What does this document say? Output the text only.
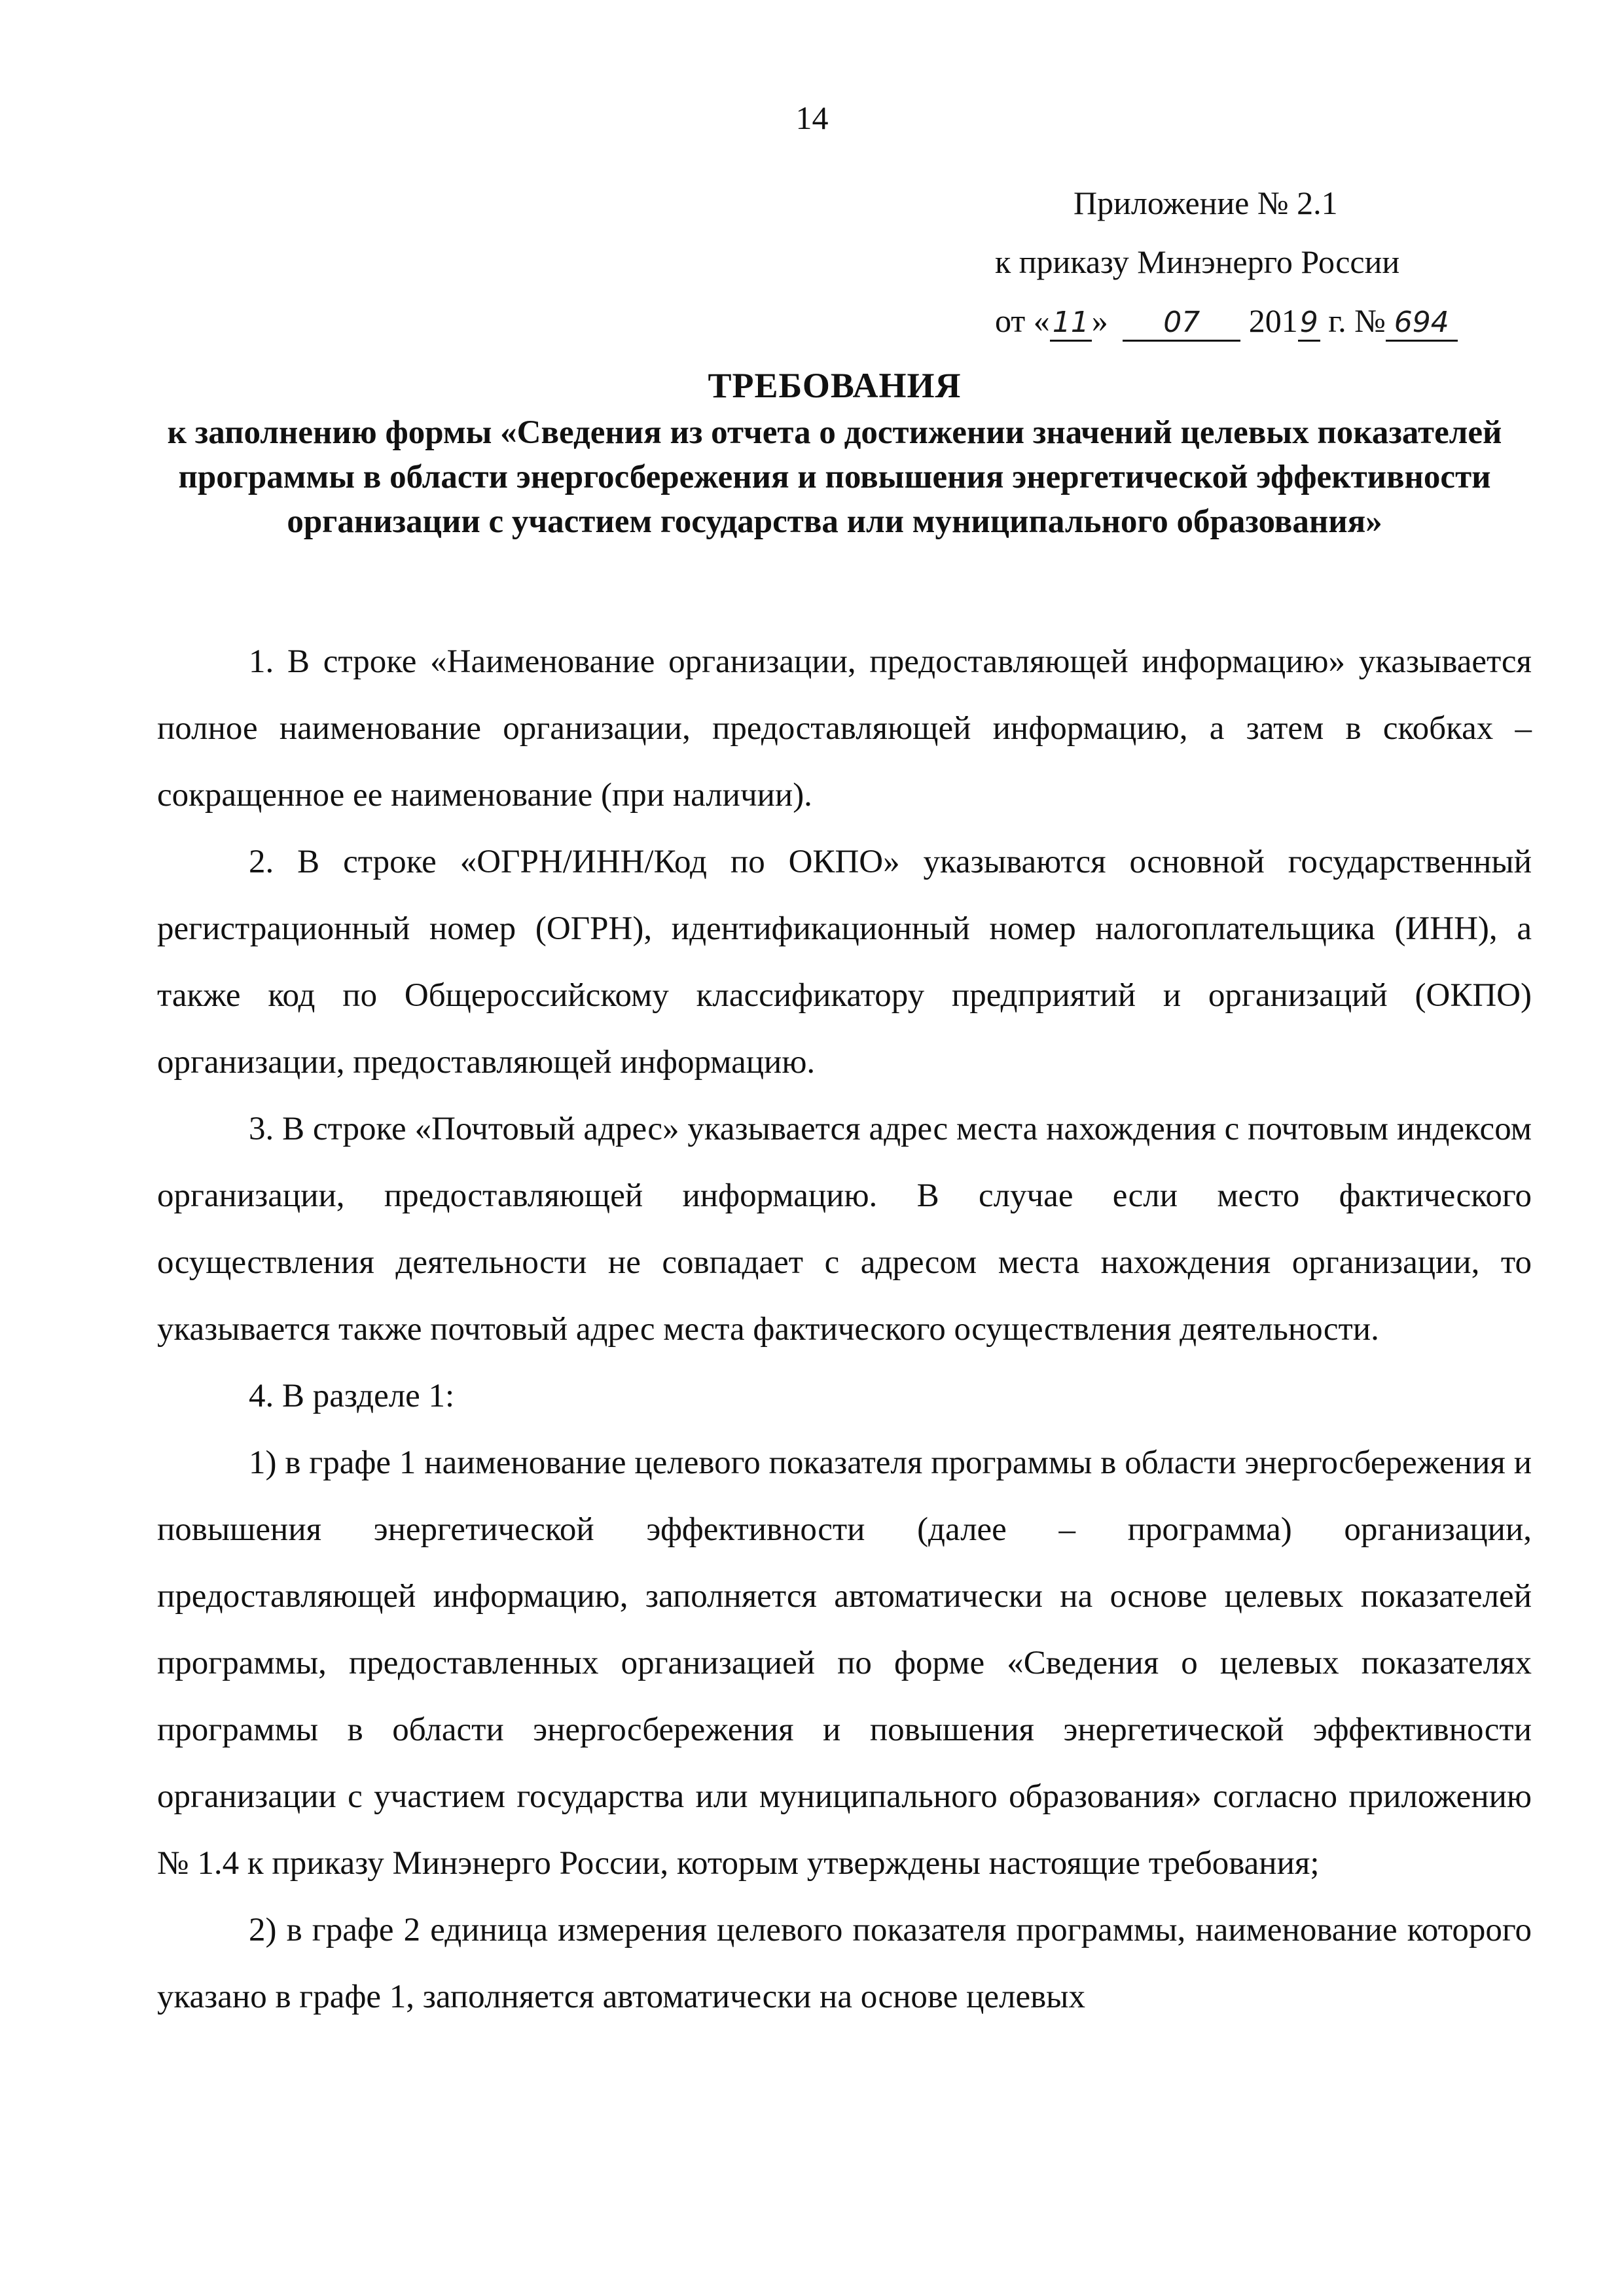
14
Приложение № 2.1
к приказу Минэнерго России
от «11» 07 2019 г. № 694
ТРЕБОВАНИЯ
к заполнению формы «Сведения из отчета о достижении значений целевых показателей программы в области энергосбережения и повышения энергетической эффективности организации с участием государства или муниципального образования»

1. В строке «Наименование организации, предоставляющей информацию» указывается полное наименование организации, предоставляющей информацию, а затем в скобках – сокращенное ее наименование (при наличии).

2. В строке «ОГРН/ИНН/Код по ОКПО» указываются основной государственный регистрационный номер (ОГРН), идентификационный номер налогоплательщика (ИНН), а также код по Общероссийскому классификатору предприятий и организаций (ОКПО) организации, предоставляющей информацию.

3. В строке «Почтовый адрес» указывается адрес места нахождения с почтовым индексом организации, предоставляющей информацию. В случае если место фактического осуществления деятельности не совпадает с адресом места нахождения организации, то указывается также почтовый адрес места фактического осуществления деятельности.

4. В разделе 1:

1) в графе 1 наименование целевого показателя программы в области энергосбережения и повышения энергетической эффективности (далее – программа) организации, предоставляющей информацию, заполняется автоматически на основе целевых показателей программы, предоставленных организацией по форме «Сведения о целевых показателях программы в области энергосбережения и повышения энергетической эффективности организации с участием государства или муниципального образования» согласно приложению № 1.4 к приказу Минэнерго России, которым утверждены настоящие требования;

2) в графе 2 единица измерения целевого показателя программы, наименование которого указано в графе 1, заполняется автоматически на основе целевых
